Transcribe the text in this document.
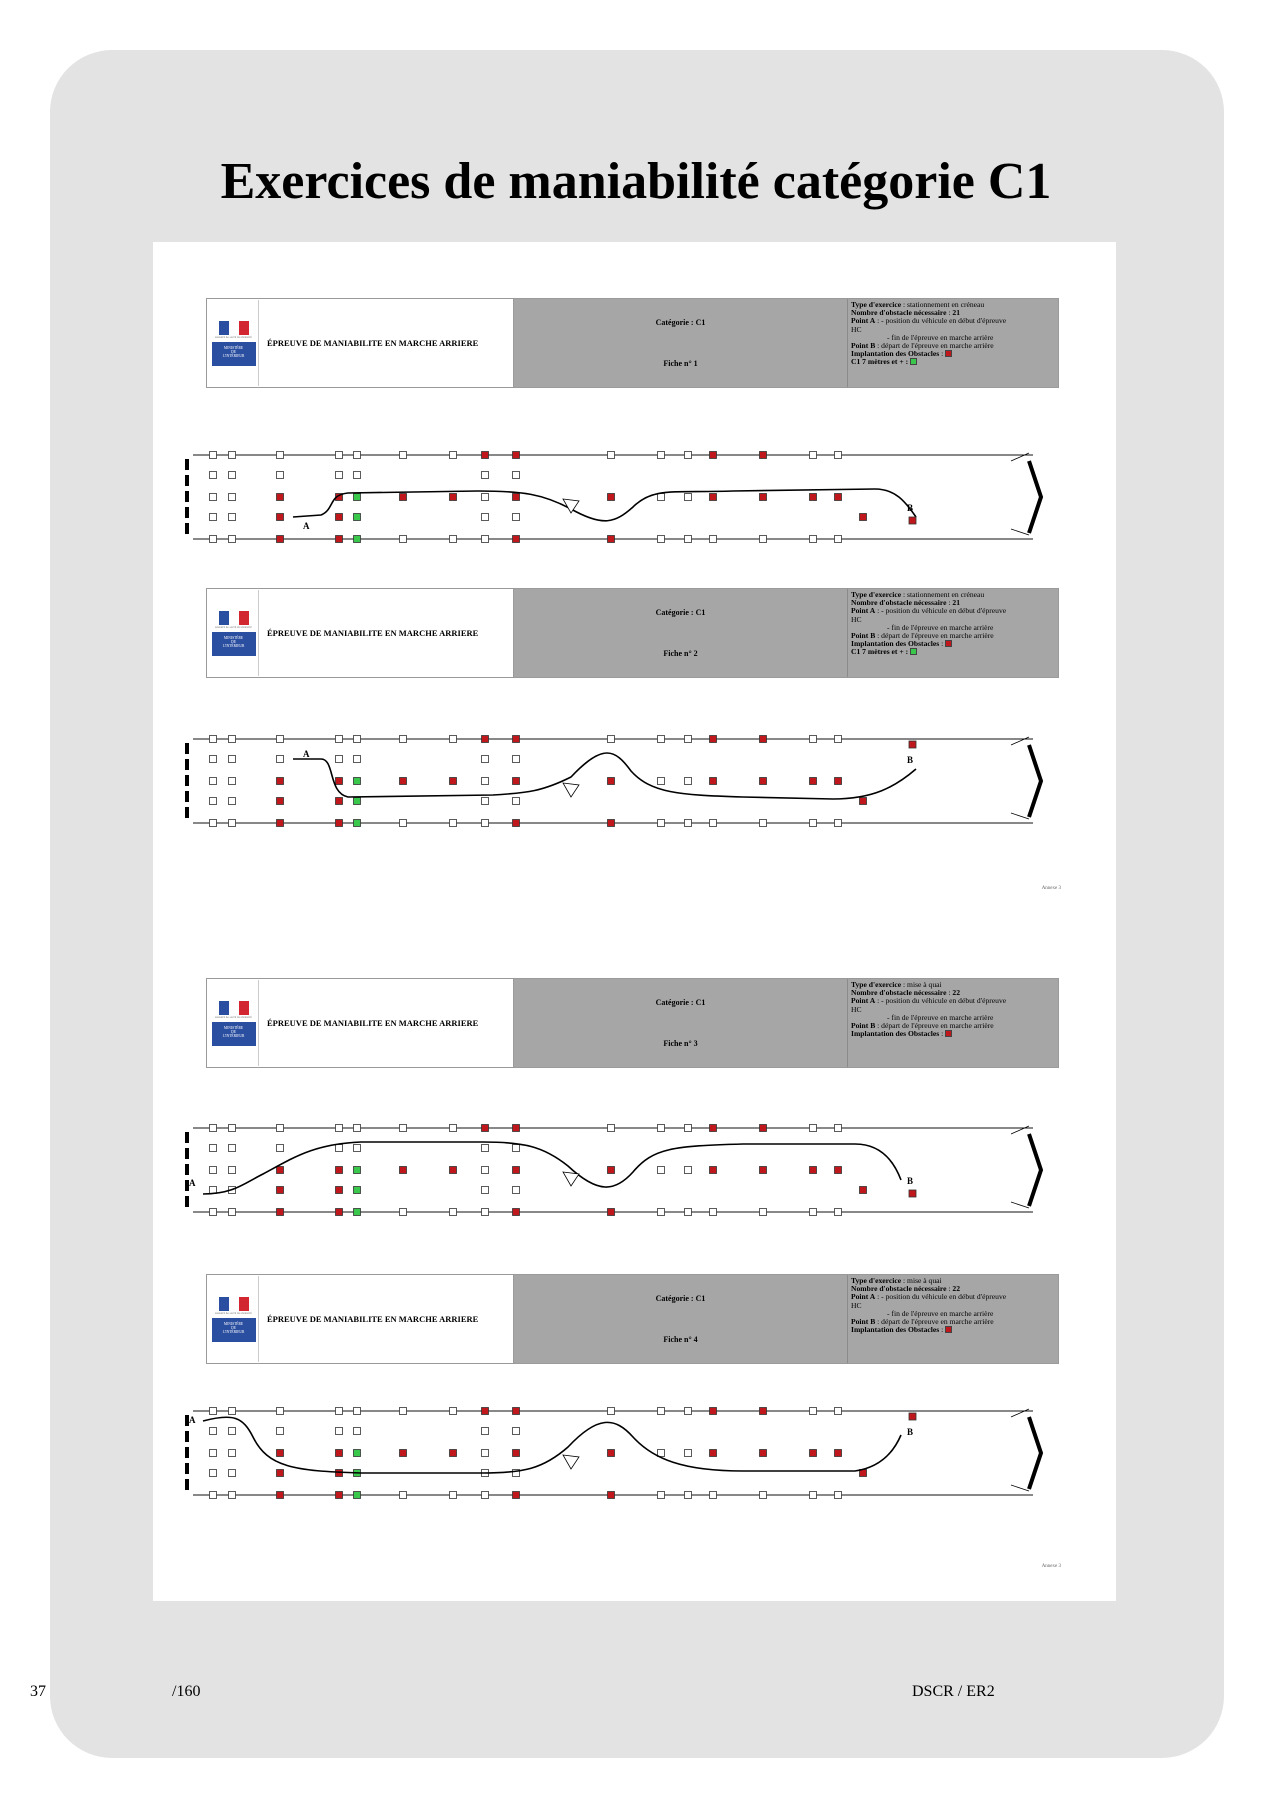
Exercices de maniabilité catégorie C1
LIBERTÉ ÉGALITÉ FRATERNITÉ
MINISTÈRE
DE
L'INTÉRIEUR
ÉPREUVE DE MANIABILITE EN MARCHE ARRIERE
Catégorie : C1
Fiche n° 1
Type d'exercice : stationnement en créneau
Nombre d'obstacle nécessaire : 21
Point A : - position du véhicule en début d'épreuve
HC
- fin de l'épreuve en marche arrière
Point B : départ de l'épreuve en marche arrière
Implantation des Obstacles :
C1 7 mètres et + :
LIBERTÉ ÉGALITÉ FRATERNITÉ
MINISTÈRE
DE
L'INTÉRIEUR
ÉPREUVE DE MANIABILITE EN MARCHE ARRIERE
Catégorie : C1
Fiche n° 2
Type d'exercice : stationnement en créneau
Nombre d'obstacle nécessaire : 21
Point A : - position du véhicule en début d'épreuve
HC
- fin de l'épreuve en marche arrière
Point B : départ de l'épreuve en marche arrière
Implantation des Obstacles :
C1 7 mètres et + :
LIBERTÉ ÉGALITÉ FRATERNITÉ
MINISTÈRE
DE
L'INTÉRIEUR
ÉPREUVE DE MANIABILITE EN MARCHE ARRIERE
Catégorie : C1
Fiche n° 3
Type d'exercice : mise à quai
Nombre d'obstacle nécessaire : 22
Point A : - position du véhicule en début d'épreuve
HC
- fin de l'épreuve en marche arrière
Point B : départ de l'épreuve en marche arrière
Implantation des Obstacles :
LIBERTÉ ÉGALITÉ FRATERNITÉ
MINISTÈRE
DE
L'INTÉRIEUR
ÉPREUVE DE MANIABILITE EN MARCHE ARRIERE
Catégorie : C1
Fiche n° 4
Type d'exercice : mise à quai
Nombre d'obstacle nécessaire : 22
Point A : - position du véhicule en début d'épreuve
HC
- fin de l'épreuve en marche arrière
Point B : départ de l'épreuve en marche arrière
Implantation des Obstacles :
A
B
A
B
A	B
A
B
Annexe 3
Annexe 3
37	/160	DSCR / ER2
